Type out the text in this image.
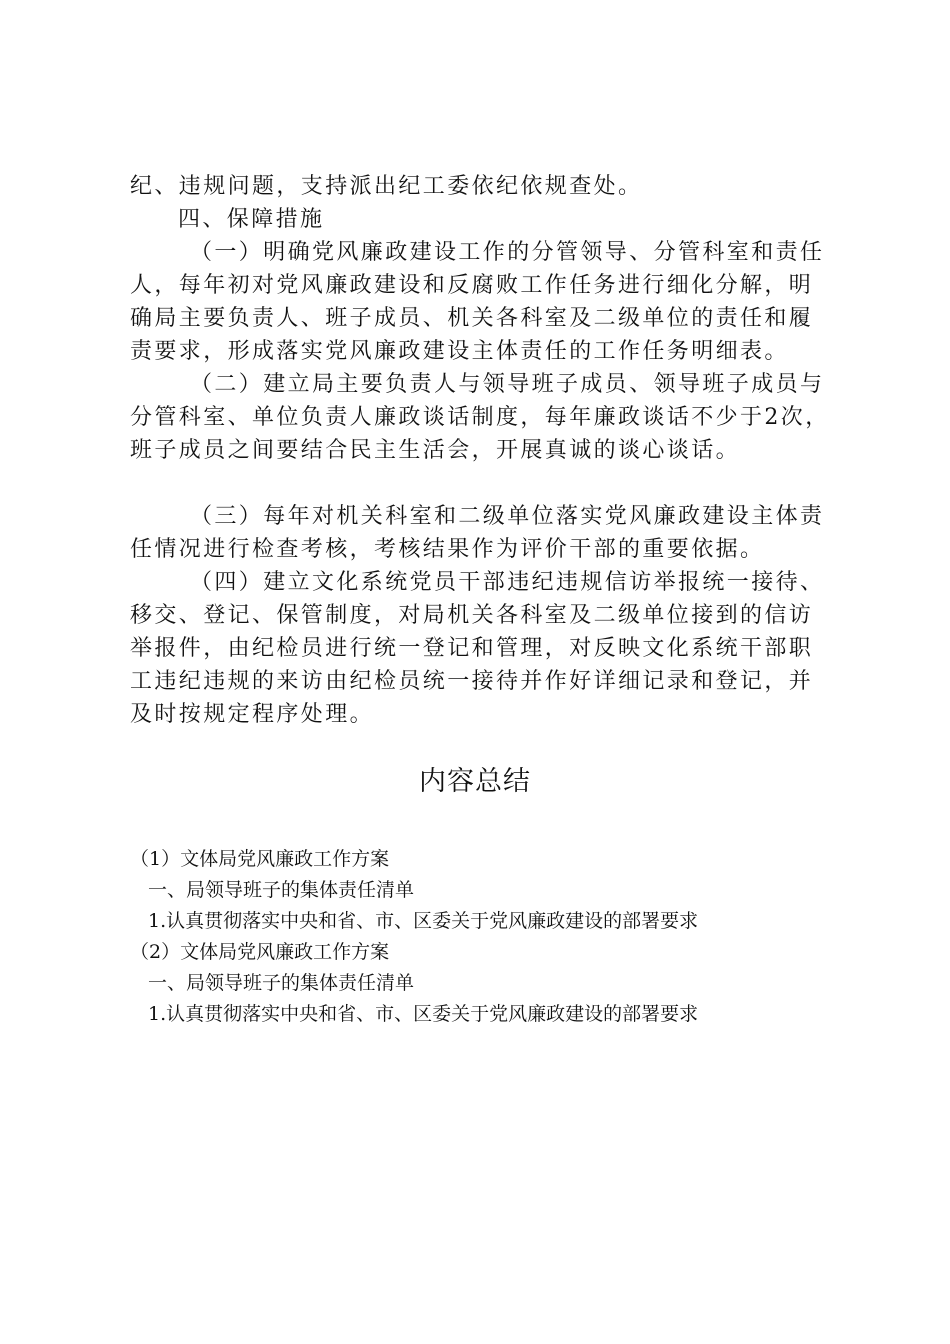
纪、违规问题，支持派出纪工委依纪依规查处。

四、保障措施

（一）明确党风廉政建设工作的分管领导、分管科室和责任人，每年初对党风廉政建设和反腐败工作任务进行细化分解，明确局主要负责人、班子成员、机关各科室及二级单位的责任和履责要求，形成落实党风廉政建设主体责任的工作任务明细表。

（二）建立局主要负责人与领导班子成员、领导班子成员与分管科室、单位负责人廉政谈话制度，每年廉政谈话不少于2次，班子成员之间要结合民主生活会，开展真诚的谈心谈话。

（三）每年对机关科室和二级单位落实党风廉政建设主体责任情况进行检查考核，考核结果作为评价干部的重要依据。

（四）建立文化系统党员干部违纪违规信访举报统一接待、移交、登记、保管制度，对局机关各科室及二级单位接到的信访举报件，由纪检员进行统一登记和管理，对反映文化系统干部职工违纪违规的来访由纪检员统一接待并作好详细记录和登记，并及时按规定程序处理。

内容总结
（1）文体局党风廉政工作方案
一、局领导班子的集体责任清单
1.认真贯彻落实中央和省、市、区委关于党风廉政建设的部署要求
（2）文体局党风廉政工作方案
一、局领导班子的集体责任清单
1.认真贯彻落实中央和省、市、区委关于党风廉政建设的部署要求
